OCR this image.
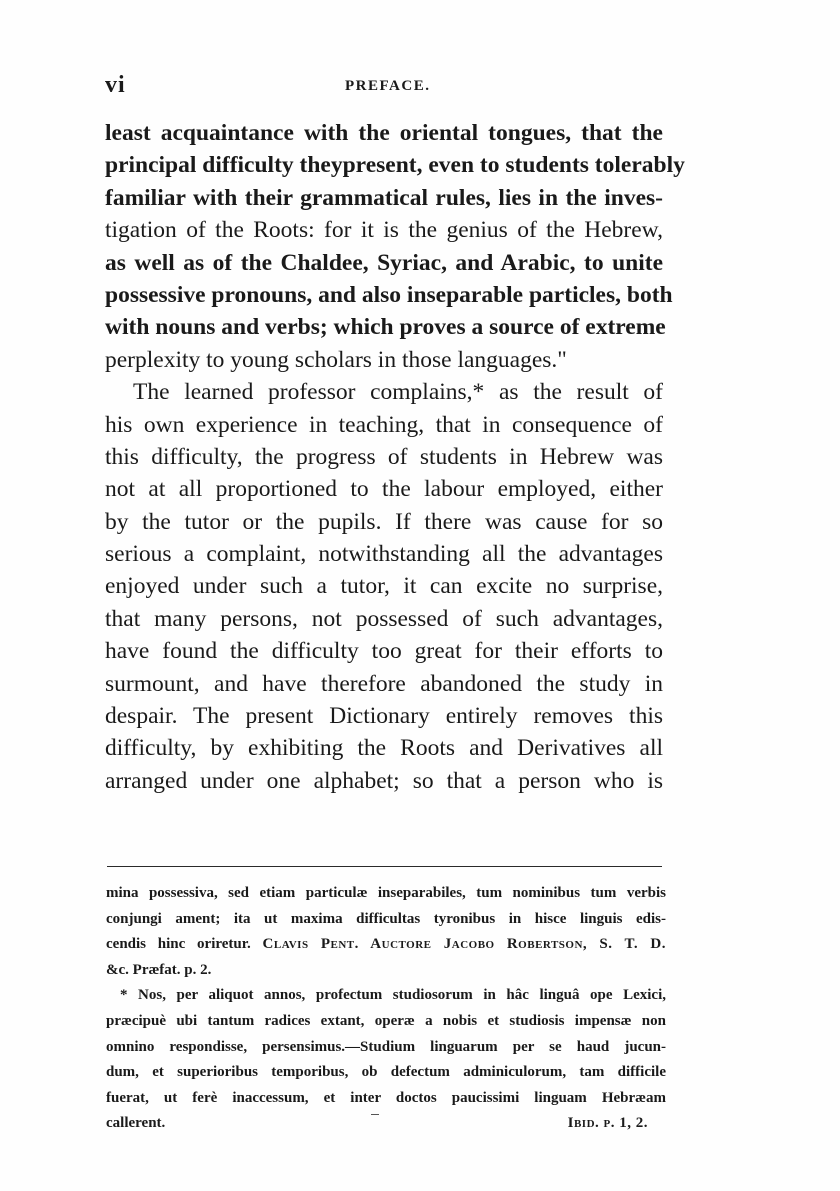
vi	PREFACE.
least acquaintance with the oriental tongues, that the
principal difficulty theypresent, even to students tolerably
familiar with their grammatical rules, lies in the inves-
tigation of the Roots: for it is the genius of the Hebrew,
as well as of the Chaldee, Syriac, and Arabic, to unite
possessive pronouns, and also inseparable particles, both
with nouns and verbs; which proves a source of extreme
perplexity to young scholars in those languages."
The learned professor complains,* as the result of
his own experience in teaching, that in consequence of
this difficulty, the progress of students in Hebrew was
not at all proportioned to the labour employed, either
by the tutor or the pupils. If there was cause for so
serious a complaint, notwithstanding all the advantages
enjoyed under such a tutor, it can excite no surprise,
that many persons, not possessed of such advantages,
have found the difficulty too great for their efforts to
surmount, and have therefore abandoned the study in
despair. The present Dictionary entirely removes this
difficulty, by exhibiting the Roots and Derivatives all
arranged under one alphabet; so that a person who is
mina possessiva, sed etiam particulæ inseparabiles, tum nominibus tum verbis
conjungi ament; ita ut maxima difficultas tyronibus in hisce linguis edis-
cendis hinc oriretur. Clavis Pent. Auctore Jacobo Robertson, S. T. D.
&c. Præfat. p. 2.
* Nos, per aliquot annos, profectum studiosorum in hâc linguâ ope Lexici,
præcipuè ubi tantum radices extant, operæ a nobis et studiosis impensæ non
omnino respondisse, persensimus.—Studium linguarum per se haud jucun-
dum, et superioribus temporibus, ob defectum adminiculorum, tam difficile
fuerat, ut ferè inaccessum, et inter doctos paucissimi linguam Hebræam
callerent.	Ibid. p. 1, 2.
